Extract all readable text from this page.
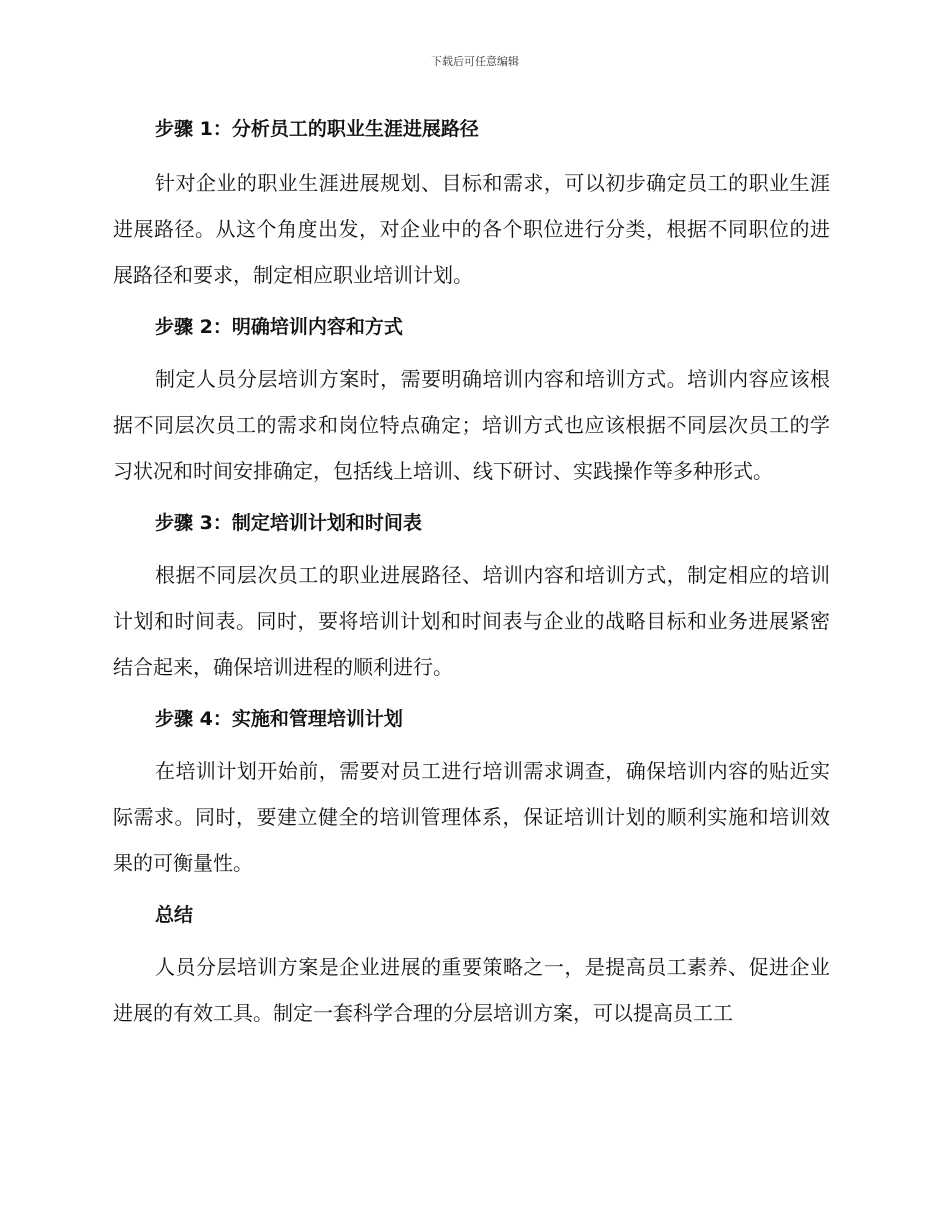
下载后可任意编辑
步骤 1：分析员工的职业生涯进展路径

针对企业的职业生涯进展规划、目标和需求，可以初步确定员工的职业生涯进展路径。从这个角度出发，对企业中的各个职位进行分类，根据不同职位的进展路径和要求，制定相应职业培训计划。

步骤 2：明确培训内容和方式

制定人员分层培训方案时，需要明确培训内容和培训方式。培训内容应该根据不同层次员工的需求和岗位特点确定；培训方式也应该根据不同层次员工的学习状况和时间安排确定，包括线上培训、线下研讨、实践操作等多种形式。

步骤 3：制定培训计划和时间表

根据不同层次员工的职业进展路径、培训内容和培训方式，制定相应的培训计划和时间表。同时，要将培训计划和时间表与企业的战略目标和业务进展紧密结合起来，确保培训进程的顺利进行。

步骤 4：实施和管理培训计划

在培训计划开始前，需要对员工进行培训需求调查，确保培训内容的贴近实际需求。同时，要建立健全的培训管理体系，保证培训计划的顺利实施和培训效果的可衡量性。

总结

人员分层培训方案是企业进展的重要策略之一，是提高员工素养、促进企业进展的有效工具。制定一套科学合理的分层培训方案，可以提高员工工
